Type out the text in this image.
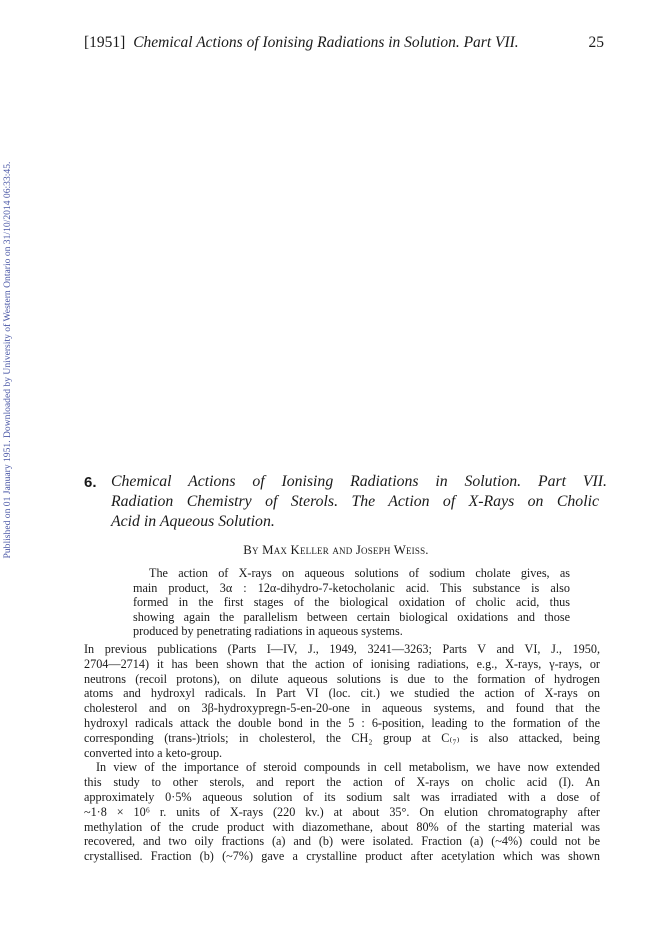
[1951] Chemical Actions of Ionising Radiations in Solution. Part VII.	25
Published on 01 January 1951. Downloaded by University of Western Ontario on 31/10/2014 06:33:45.	6. Chemical Actions of Ionising Radiations in Solution. Part VII.
Radiation Chemistry of Sterols. The Action of X-Rays on Cholic
Acid in Aqueous Solution.
By Max Keller and Joseph Weiss.
The action of X-rays on aqueous solutions of sodium cholate gives, as
main product, 3α : 12α-dihydro-7-ketocholanic acid. This substance is also
formed in the first stages of the biological oxidation of cholic acid, thus
showing again the parallelism between certain biological oxidations and those
produced by penetrating radiations in aqueous systems.
In previous publications (Parts I—IV, J., 1949, 3241—3263; Parts V and VI, J., 1950,
2704—2714) it has been shown that the action of ionising radiations, e.g., X-rays, γ-rays, or
neutrons (recoil protons), on dilute aqueous solutions is due to the formation of hydrogen
atoms and hydroxyl radicals. In Part VI (loc. cit.) we studied the action of X-rays on
cholesterol and on 3β-hydroxypregn-5-en-20-one in aqueous systems, and found that the
hydroxyl radicals attack the double bond in the 5 : 6-position, leading to the formation of the
corresponding (trans-)triols; in cholesterol, the CH₂ group at C₍₇₎ is also attacked, being
converted into a keto-group.
In view of the importance of steroid compounds in cell metabolism, we have now extended
this study to other sterols, and report the action of X-rays on cholic acid (I). An
approximately 0·5% aqueous solution of its sodium salt was irradiated with a dose of
~1·8 × 10⁶ r. units of X-rays (220 kv.) at about 35°. On elution chromatography after
methylation of the crude product with diazomethane, about 80% of the starting material was
recovered, and two oily fractions (a) and (b) were isolated. Fraction (a) (~4%) could not be
crystallised. Fraction (b) (~7%) gave a crystalline product after acetylation which was shown
